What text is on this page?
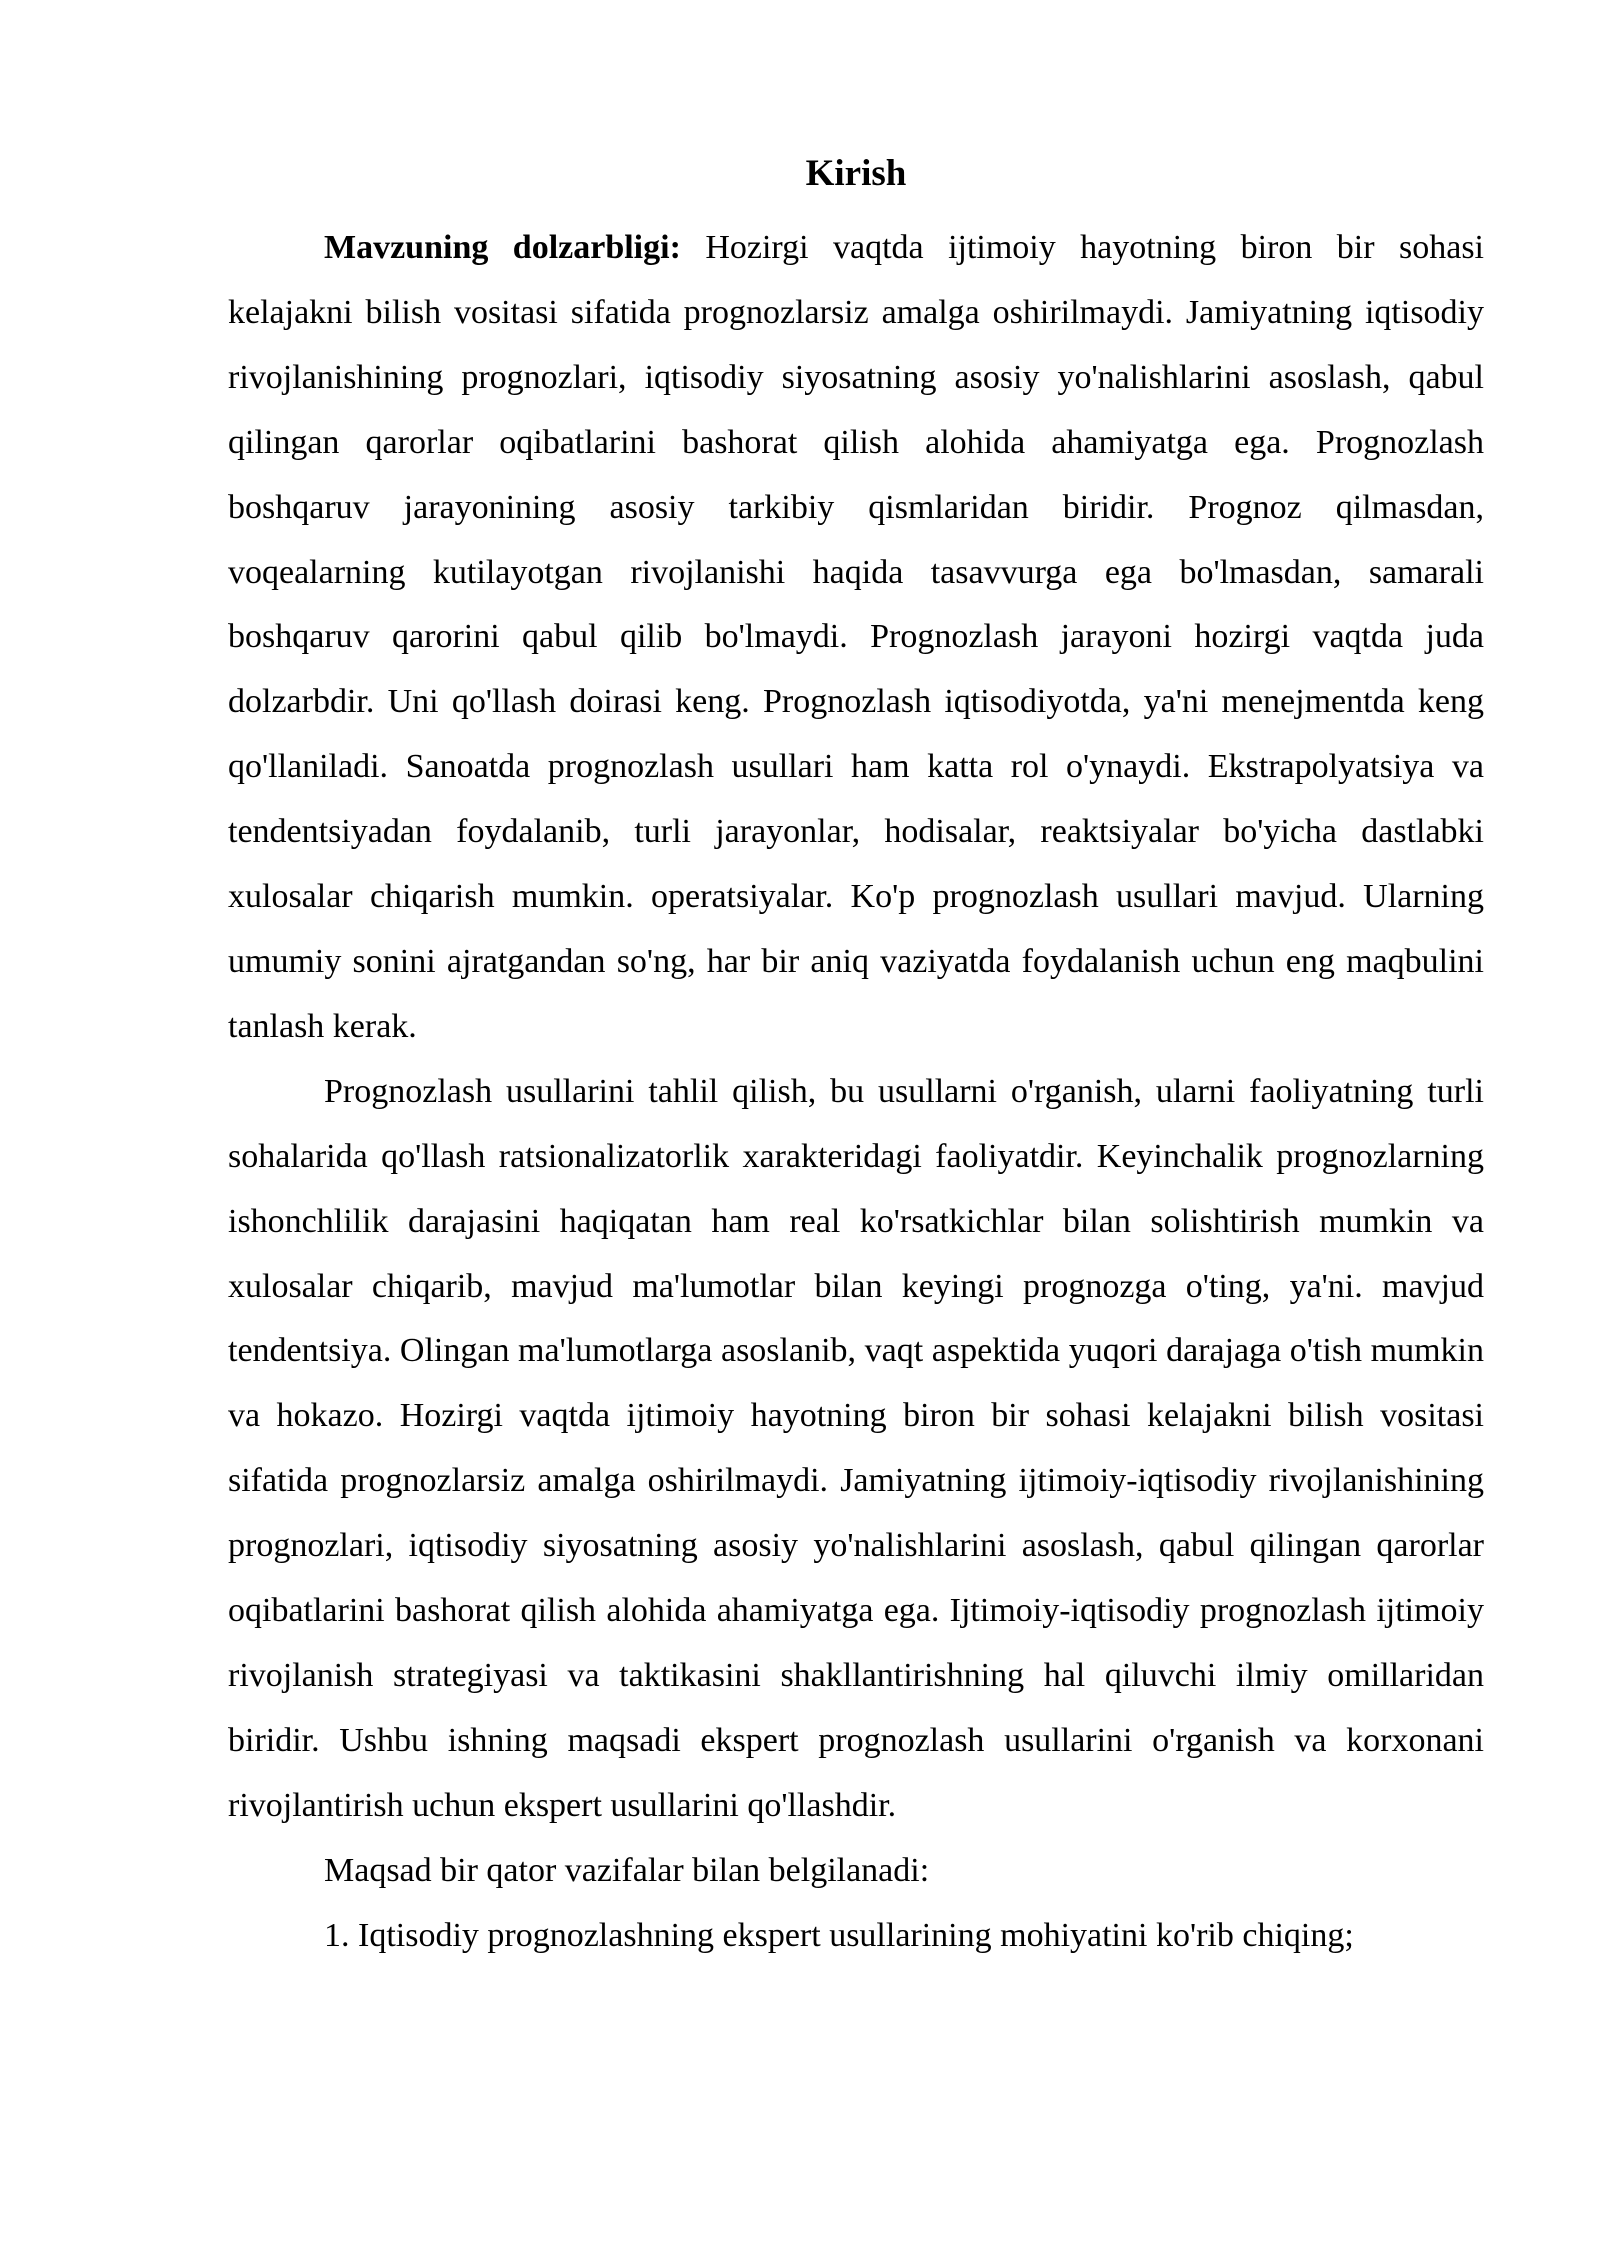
Kirish

Mavzuning dolzarbligi: Hozirgi vaqtda ijtimoiy hayotning biron bir sohasi kelajakni bilish vositasi sifatida prognozlarsiz amalga oshirilmaydi. Jamiyatning iqtisodiy rivojlanishining prognozlari, iqtisodiy siyosatning asosiy yo'nalishlarini asoslash, qabul qilingan qarorlar oqibatlarini bashorat qilish alohida ahamiyatga ega. Prognozlash boshqaruv jarayonining asosiy tarkibiy qismlaridan biridir. Prognoz qilmasdan, voqealarning kutilayotgan rivojlanishi haqida tasavvurga ega bo'lmasdan, samarali boshqaruv qarorini qabul qilib bo'lmaydi. Prognozlash jarayoni hozirgi vaqtda juda dolzarbdir. Uni qo'llash doirasi keng. Prognozlash iqtisodiyotda, ya'ni menejmentda keng qo'llaniladi. Sanoatda prognozlash usullari ham katta rol o'ynaydi. Ekstrapolyatsiya va tendentsiyadan foydalanib, turli jarayonlar, hodisalar, reaktsiyalar bo'yicha dastlabki xulosalar chiqarish mumkin. operatsiyalar. Ko'p prognozlash usullari mavjud. Ularning umumiy sonini ajratgandan so'ng, har bir aniq vaziyatda foydalanish uchun eng maqbulini tanlash kerak.

Prognozlash usullarini tahlil qilish, bu usullarni o'rganish, ularni faoliyatning turli sohalarida qo'llash ratsionalizatorlik xarakteridagi faoliyatdir. Keyinchalik prognozlarning ishonchlilik darajasini haqiqatan ham real ko'rsatkichlar bilan solishtirish mumkin va xulosalar chiqarib, mavjud ma'lumotlar bilan keyingi prognozga o'ting, ya'ni. mavjud tendentsiya. Olingan ma'lumotlarga asoslanib, vaqt aspektida yuqori darajaga o'tish mumkin va hokazo. Hozirgi vaqtda ijtimoiy hayotning biron bir sohasi kelajakni bilish vositasi sifatida prognozlarsiz amalga oshirilmaydi. Jamiyatning ijtimoiy-iqtisodiy rivojlanishining prognozlari, iqtisodiy siyosatning asosiy yo'nalishlarini asoslash, qabul qilingan qarorlar oqibatlarini bashorat qilish alohida ahamiyatga ega. Ijtimoiy-iqtisodiy prognozlash ijtimoiy rivojlanish strategiyasi va taktikasini shakllantirishning hal qiluvchi ilmiy omillaridan biridir. Ushbu ishning maqsadi ekspert prognozlash usullarini o'rganish va korxonani rivojlantirish uchun ekspert usullarini qo'llashdir.

Maqsad bir qator vazifalar bilan belgilanadi:

1. Iqtisodiy prognozlashning ekspert usullarining mohiyatini ko'rib chiqing;
